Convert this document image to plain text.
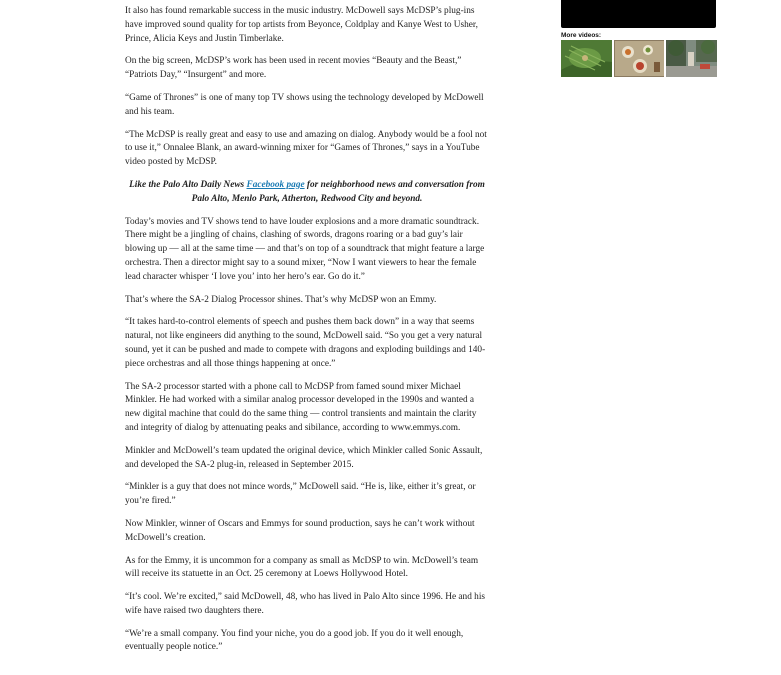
It also has found remarkable success in the music industry. McDowell says McDSP’s plug-ins have improved sound quality for top artists from Beyonce, Coldplay and Kanye West to Usher, Prince, Alicia Keys and Justin Timberlake.

On the big screen, McDSP’s work has been used in recent movies “Beauty and the Beast,” “Patriots Day,” “Insurgent” and more.

“Game of Thrones” is one of many top TV shows using the technology developed by McDowell and his team.

“The McDSP is really great and easy to use and amazing on dialog. Anybody would be a fool not to use it,” Onnalee Blank, an award-winning mixer for “Games of Thrones,” says in a YouTube video posted by McDSP.

Like the Palo Alto Daily News Facebook page for neighborhood news and conversation from Palo Alto, Menlo Park, Atherton, Redwood City and beyond.

Today’s movies and TV shows tend to have louder explosions and a more dramatic soundtrack. There might be a jingling of chains, clashing of swords, dragons roaring or a bad guy’s lair blowing up — all at the same time — and that’s on top of a soundtrack that might feature a large orchestra. Then a director might say to a sound mixer, “Now I want viewers to hear the female lead character whisper ‘I love you’ into her hero’s ear. Go do it.”

That’s where the SA-2 Dialog Processor shines. That’s why McDSP won an Emmy.

“It takes hard-to-control elements of speech and pushes them back down” in a way that seems natural, not like engineers did anything to the sound, McDowell said. “So you get a very natural sound, yet it can be pushed and made to compete with dragons and exploding buildings and 140-piece orchestras and all those things happening at once.”

The SA-2 processor started with a phone call to McDSP from famed sound mixer Michael Minkler. He had worked with a similar analog processor developed in the 1990s and wanted a new digital machine that could do the same thing — control transients and maintain the clarity and integrity of dialog by attenuating peaks and sibilance, according to www.emmys.com.

Minkler and McDowell’s team updated the original device, which Minkler called Sonic Assault, and developed the SA-2 plug-in, released in September 2015.

“Minkler is a guy that does not mince words,” McDowell said. “He is, like, either it’s great, or you’re fired.”

Now Minkler, winner of Oscars and Emmys for sound production, says he can’t work without McDowell’s creation.

As for the Emmy, it is uncommon for a company as small as McDSP to win. McDowell’s team will receive its statuette in an Oct. 25 ceremony at Loews Hollywood Hotel.

“It’s cool. We’re excited,” said McDowell, 48, who has lived in Palo Alto since 1996. He and his wife have raised two daughters there.

“We’re a small company. You find your niche, you do a good job. If you do it well enough, eventually people notice.”

More videos:
